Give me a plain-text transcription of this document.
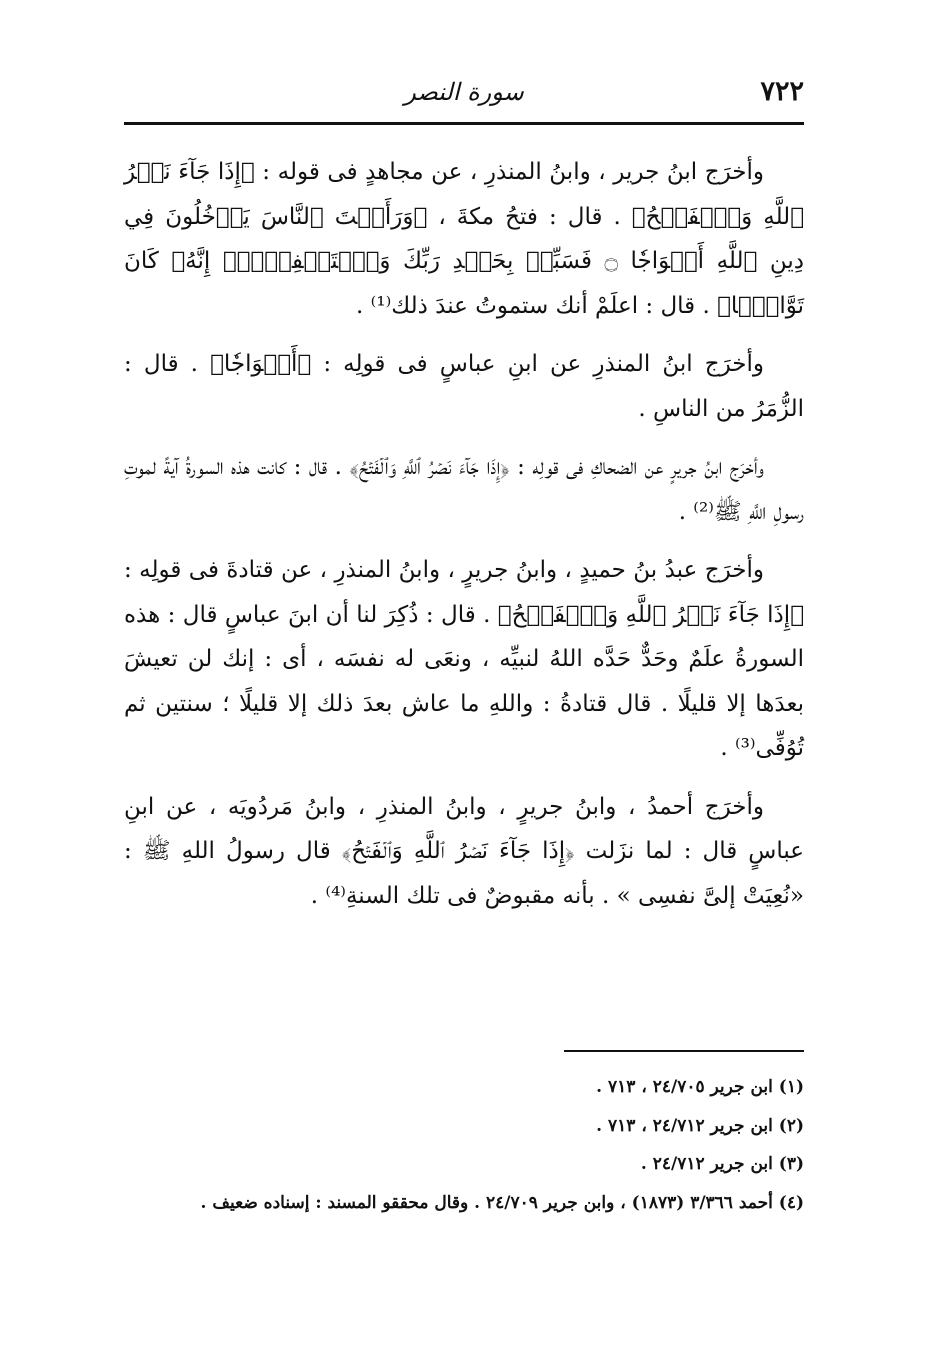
٧٢٢
سورة النصر

وأخرَج ابنُ جرير ، وابنُ المنذرِ ، عن مجاهدٍ فى قوله : ﴿إِذَا جَآءَ نَصۡرُ ٱللَّهِ وَٱلۡفَتۡحُ﴾ . قال : فتحُ مكةَ ، ﴿وَرَأَيۡتَ ٱلنَّاسَ يَدۡخُلُونَ فِي دِينِ ٱللَّهِ أَفۡوَاجٗا ۝ فَسَبِّحۡ بِحَمۡدِ رَبِّكَ وَٱسۡتَغۡفِرۡهُۚ إِنَّهُۥ كَانَ تَوَّابَۢا﴾ . قال : اعلَمْ أنك ستموتُ عندَ ذلك⁽¹⁾ .

وأخرَج ابنُ المنذرِ عن ابنِ عباسٍ فى قولِه : ﴿أَفۡوَاجٗا﴾ . قال : الزُّمَرُ من الناسِ .

وأخرَج ابنُ جريرٍ عن الضحاكِ فى قولِه : ﴿إِذَا جَآءَ نَصۡرُ ٱللَّهِ وَٱلۡفَتۡحُ﴾ . قال : كانت هذه السورةُ آيةً لموتِ رسولِ اللَّهِ ﷺ⁽²⁾ .

وأخرَج عبدُ بنُ حميدٍ ، وابنُ جريرٍ ، وابنُ المنذرِ ، عن قتادةَ فى قولِه : ﴿إِذَا جَآءَ نَصۡرُ ٱللَّهِ وَٱلۡفَتۡحُ﴾ . قال : ذُكِرَ لنا أن ابنَ عباسٍ قال : هذه السورةُ علَمٌ وحَدٌّ حَدَّه اللهُ لنبيِّه ، ونعَى له نفسَه ، أى : إنك لن تعيشَ بعدَها إلا قليلًا . قال قتادةُ : واللهِ ما عاش بعدَ ذلك إلا قليلًا ؛ سنتين ثم تُوُفِّى⁽³⁾ .

وأخرَج أحمدُ ، وابنُ جريرٍ ، وابنُ المنذرِ ، وابنُ مَردُويَه ، عن ابنِ عباسٍ قال : لما نزَلت ﴿إِذَا جَآءَ نَصۡرُ ٱللَّهِ وَٱلۡفَتۡحُ﴾ قال رسولُ اللهِ ﷺ : «نُعِيَتْ إلىَّ نفسِى » . بأنه مقبوضٌ فى تلك السنةِ⁽⁴⁾ .

(١) ابن جرير ٢٤/٧٠٥ ، ٧١٣ .

(٢) ابن جرير ٢٤/٧١٢ ، ٧١٣ .

(٣) ابن جرير ٢٤/٧١٢ .

(٤) أحمد ٣/٣٦٦ (١٨٧٣) ، وابن جرير ٢٤/٧٠٩ . وقال محققو المسند : إسناده ضعيف .
